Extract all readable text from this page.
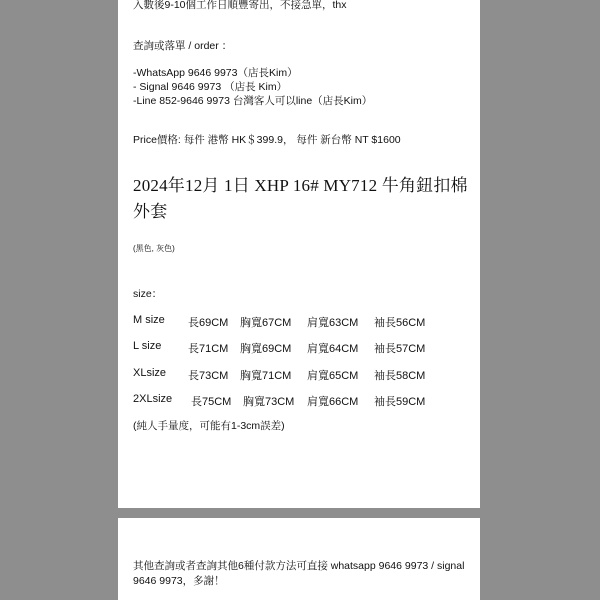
入數後9-10個工作日順豐寄出，不接急單，thx
查詢或落單 / order ：
-WhatsApp 9646 9973（店長Kim）
- Signal 9646 9973 （店長 Kim）
-Line 852-9646 9973 台灣客人可以line（店長Kim）
Price價格: 每件 港幣 HK＄399.9， 每件 新台幣 NT $1600
2024年12月 1日 XHP 16# MY712 牛角鈕扣棉外套
(黑色, 灰色)
size：
M size 長69CM 胸寬67CM 肩寬63CM 袖長56CM
L size 長71CM 胸寬69CM 肩寬64CM 袖長57CM
XLsize 長73CM 胸寬71CM 肩寬65CM 袖長58CM
2XLsize 長75CM 胸寬73CM 肩寬66CM 袖長59CM
(純人手量度，可能有1-3cm誤差)
其他查詢或者查詢其他6種付款方法可直接 whatsapp 9646 9973 / signal 9646 9973，多謝！
